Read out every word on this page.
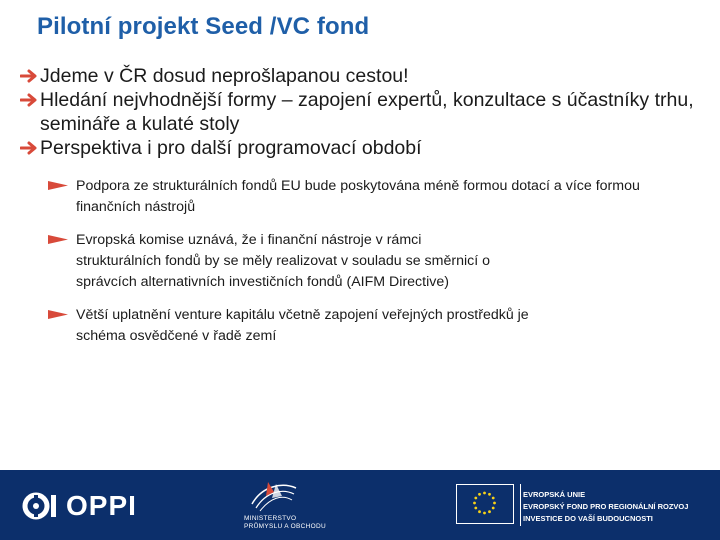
Pilotní projekt Seed /VC fond
Jdeme v ČR dosud neprošlapanou cestou!
Hledání nejvhodnější formy – zapojení expertů, konzultace s účastníky trhu, semináře a kulaté stoly
Perspektiva i pro další programovací období
Podpora ze strukturálních fondů EU bude poskytována méně formou dotací a více formou finančních nástrojů
Evropská komise uznává, že i finanční nástroje v rámci strukturálních fondů by se měly realizovat v souladu se směrnicí o správcích alternativních investičních fondů (AIFM Directive)
Větší uplatnění venture kapitálu včetně zapojení veřejných prostředků je schéma osvědčené v řadě zemí
OPPI	MINISTERSTVO
PRŮMYSLU A OBCHODU
EVROPSKÁ UNIE
EVROPSKÝ FOND PRO REGIONÁLNÍ ROZVOJ
INVESTICE DO VAŠÍ BUDOUCNOSTI
